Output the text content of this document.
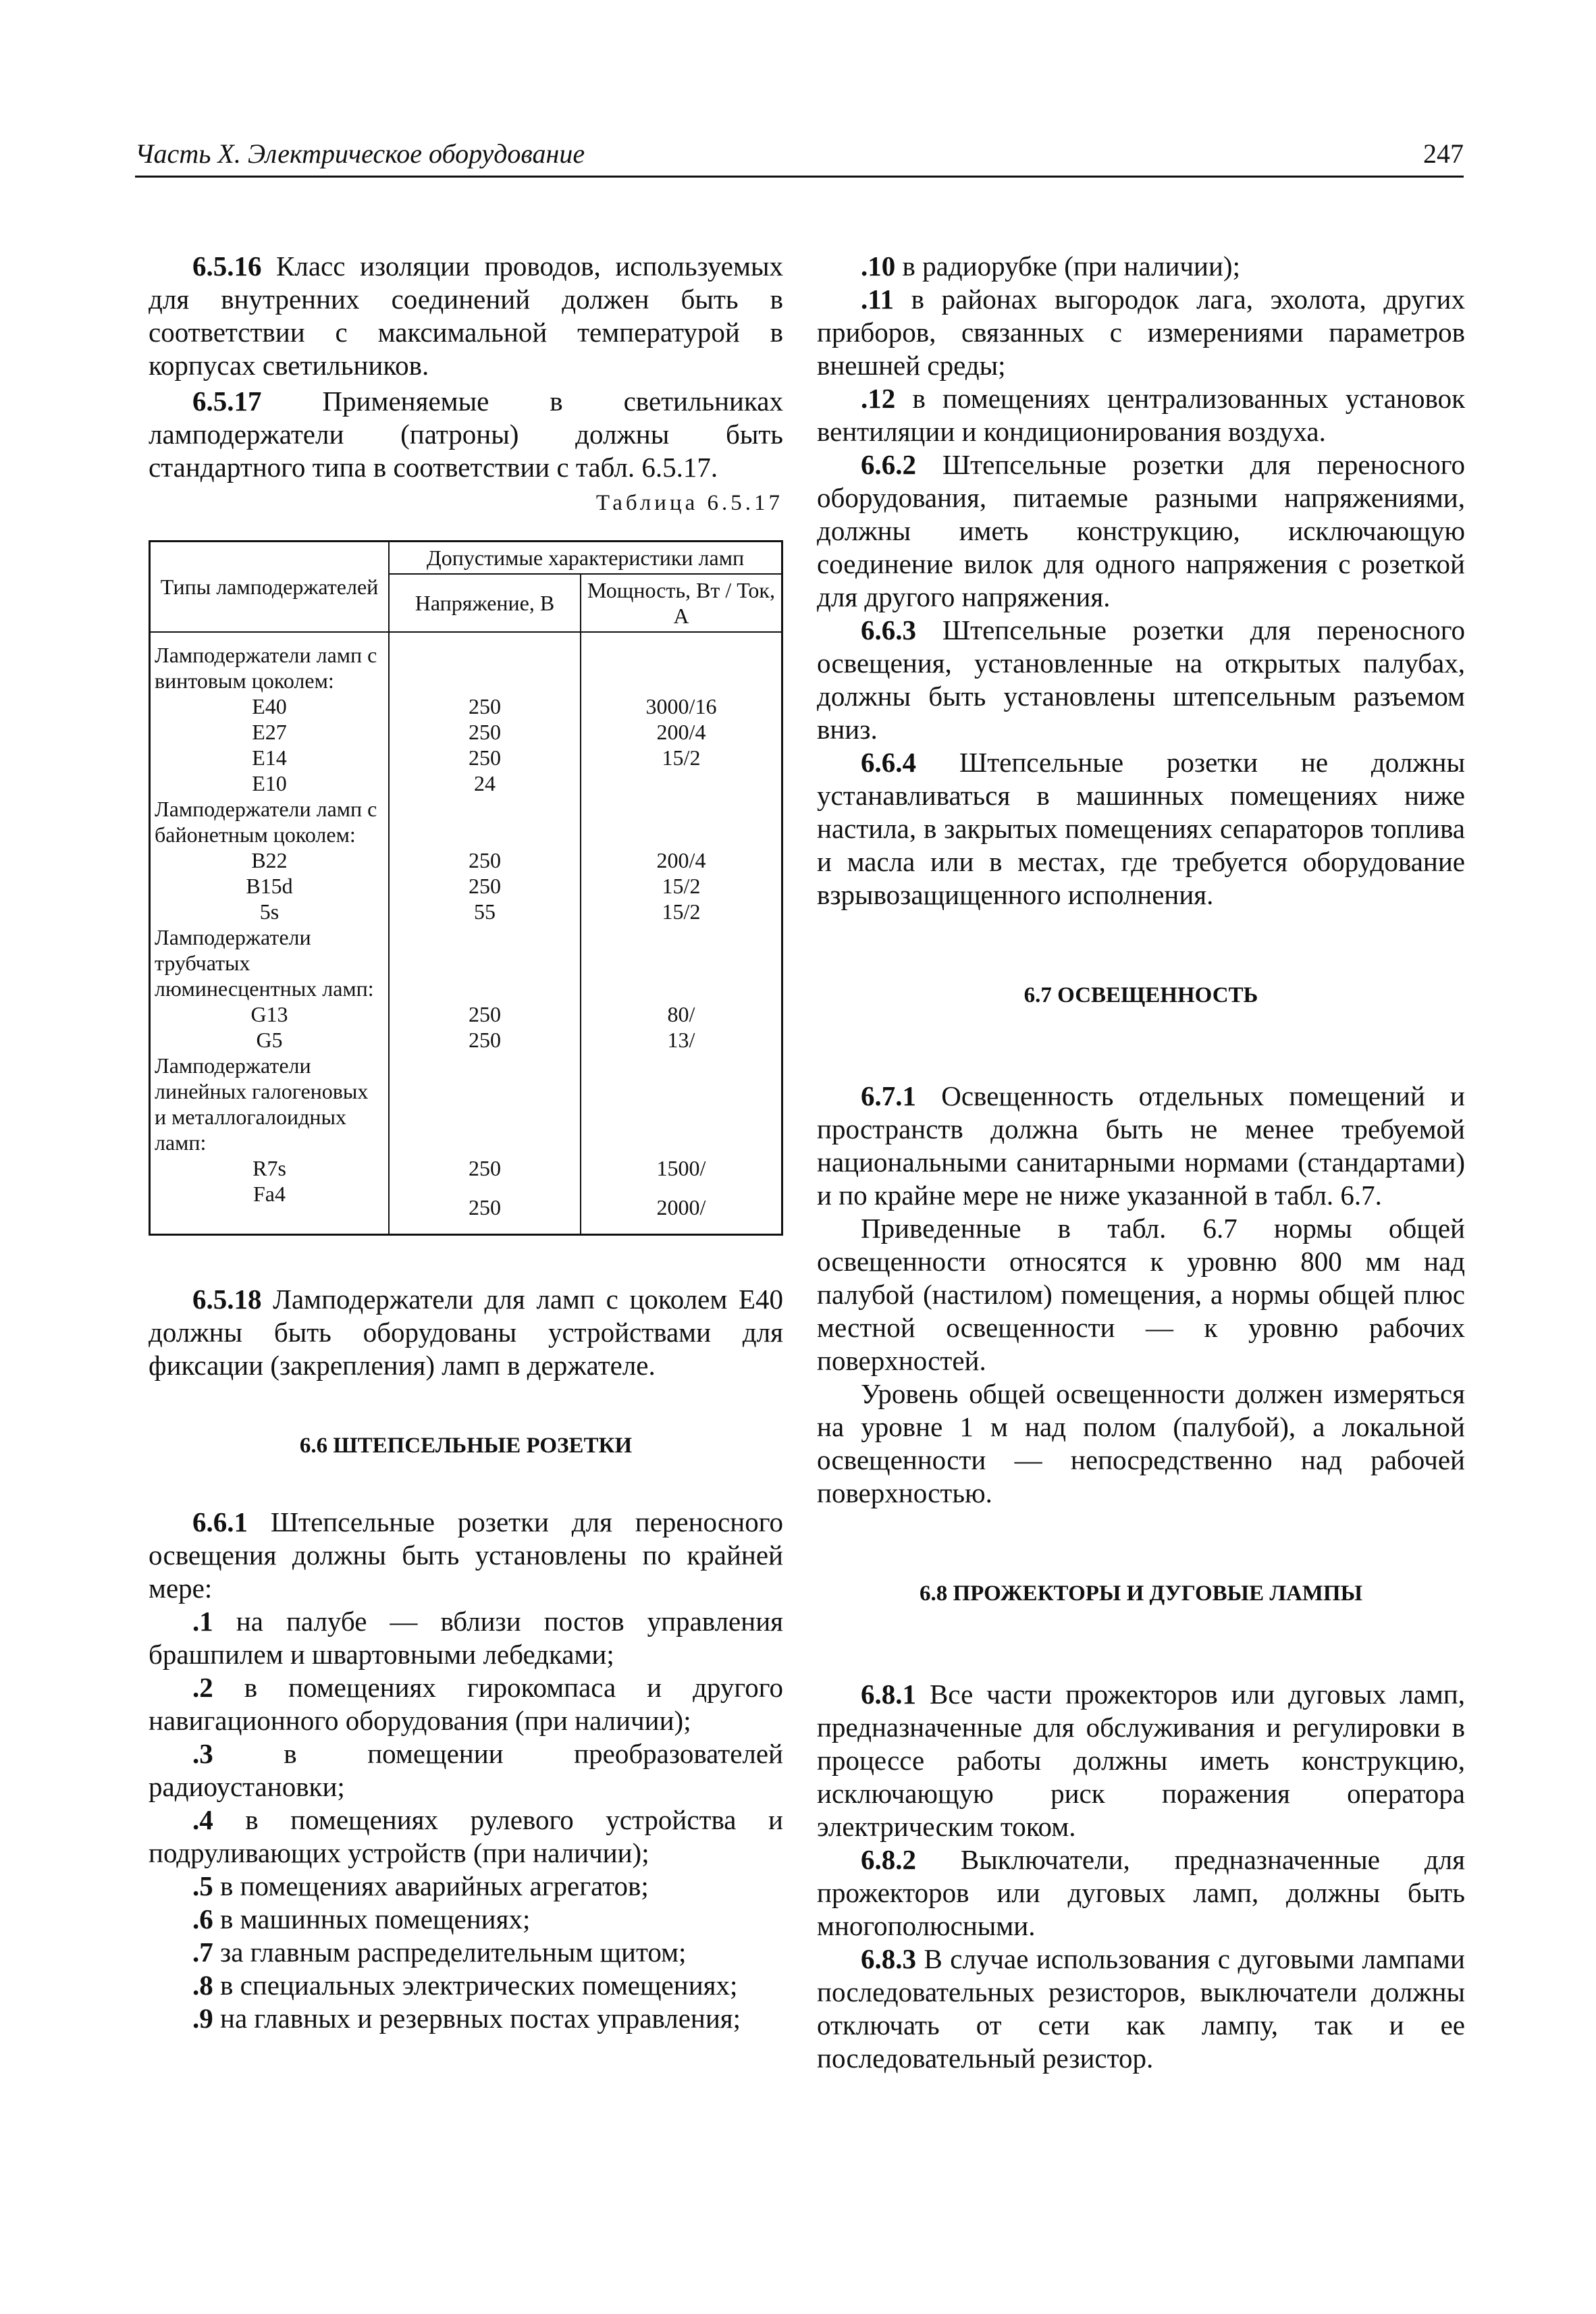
Часть X. Электрическое оборудование	247

6.5.16 Класс изоляции проводов, используемых для внутренних соединений должен быть в соответствии с максимальной температурой в корпусах светильников.

6.5.17 Применяемые в светильниках ламподержатели (патроны) должны быть стандартного типа в соответствии с табл. 6.5.17.

Таблица 6.5.17
Типы ламподержателей	Допустимые характеристики ламп	
	Напряжение, В	Мощность, Вт / Ток, А
Ламподержатели ламп с винтовым цоколем:		
E40	250	3000/16
E27	250	200/4
E14	250	15/2
E10	24	
Ламподержатели ламп с байонетным цоколем:		
B22	250	200/4
B15d	250	15/2
5s	55	15/2
Ламподержатели трубчатых люминесцентных ламп:		
G13	250	80/
G5	250	13/
Ламподержатели линейных галогеновых и металлогалоидных ламп:		
R7s	250	1500/
Fa4	250	2000/

6.5.18 Ламподержатели для ламп с цоколем E40 должны быть оборудованы устройствами для фиксации (закрепления) ламп в держателе.

6.6 ШТЕПСЕЛЬНЫЕ РОЗЕТКИ

6.6.1 Штепсельные розетки для переносного освещения должны быть установлены по крайней мере:

.1 на палубе — вблизи постов управления брашпилем и швартовными лебедками;

.2 в помещениях гирокомпаса и другого навигационного оборудования (при наличии);

.3 в помещении преобразователей радиоустановки;

.4 в помещениях рулевого устройства и подруливающих устройств (при наличии);

.5 в помещениях аварийных агрегатов;

.6 в машинных помещениях;

.7 за главным распределительным щитом;

.8 в специальных электрических помещениях;

.9 на главных и резервных постах управления;

.10 в радиорубке (при наличии);

.11 в районах выгородок лага, эхолота, других приборов, связанных с измерениями параметров внешней среды;

.12 в помещениях централизованных установок вентиляции и кондиционирования воздуха.

6.6.2 Штепсельные розетки для переносного оборудования, питаемые разными напряжениями, должны иметь конструкцию, исключающую соединение вилок для одного напряжения с розеткой для другого напряжения.

6.6.3 Штепсельные розетки для переносного освещения, установленные на открытых палубах, должны быть установлены штепсельным разъемом вниз.

6.6.4 Штепсельные розетки не должны устанавливаться в машинных помещениях ниже настила, в закрытых помещениях сепараторов топлива и масла или в местах, где требуется оборудование взрывозащищенного исполнения.

6.7 ОСВЕЩЕННОСТЬ

6.7.1 Освещенность отдельных помещений и пространств должна быть не менее требуемой национальными санитарными нормами (стандартами) и по крайне мере не ниже указанной в табл. 6.7.

Приведенные в табл. 6.7 нормы общей освещенности относятся к уровню 800 мм над палубой (настилом) помещения, а нормы общей плюс местной освещенности — к уровню рабочих поверхностей.

Уровень общей освещенности должен измеряться на уровне 1 м над полом (палубой), а локальной освещенности — непосредственно над рабочей поверхностью.

6.8 ПРОЖЕКТОРЫ И ДУГОВЫЕ ЛАМПЫ

6.8.1 Все части прожекторов или дуговых ламп, предназначенные для обслуживания и регулировки в процессе работы должны иметь конструкцию, исключающую риск поражения оператора электрическим током.

6.8.2 Выключатели, предназначенные для прожекторов или дуговых ламп, должны быть многополюсными.

6.8.3 В случае использования с дуговыми лампами последовательных резисторов, выключатели должны отключать от сети как лампу, так и ее последовательный резистор.
